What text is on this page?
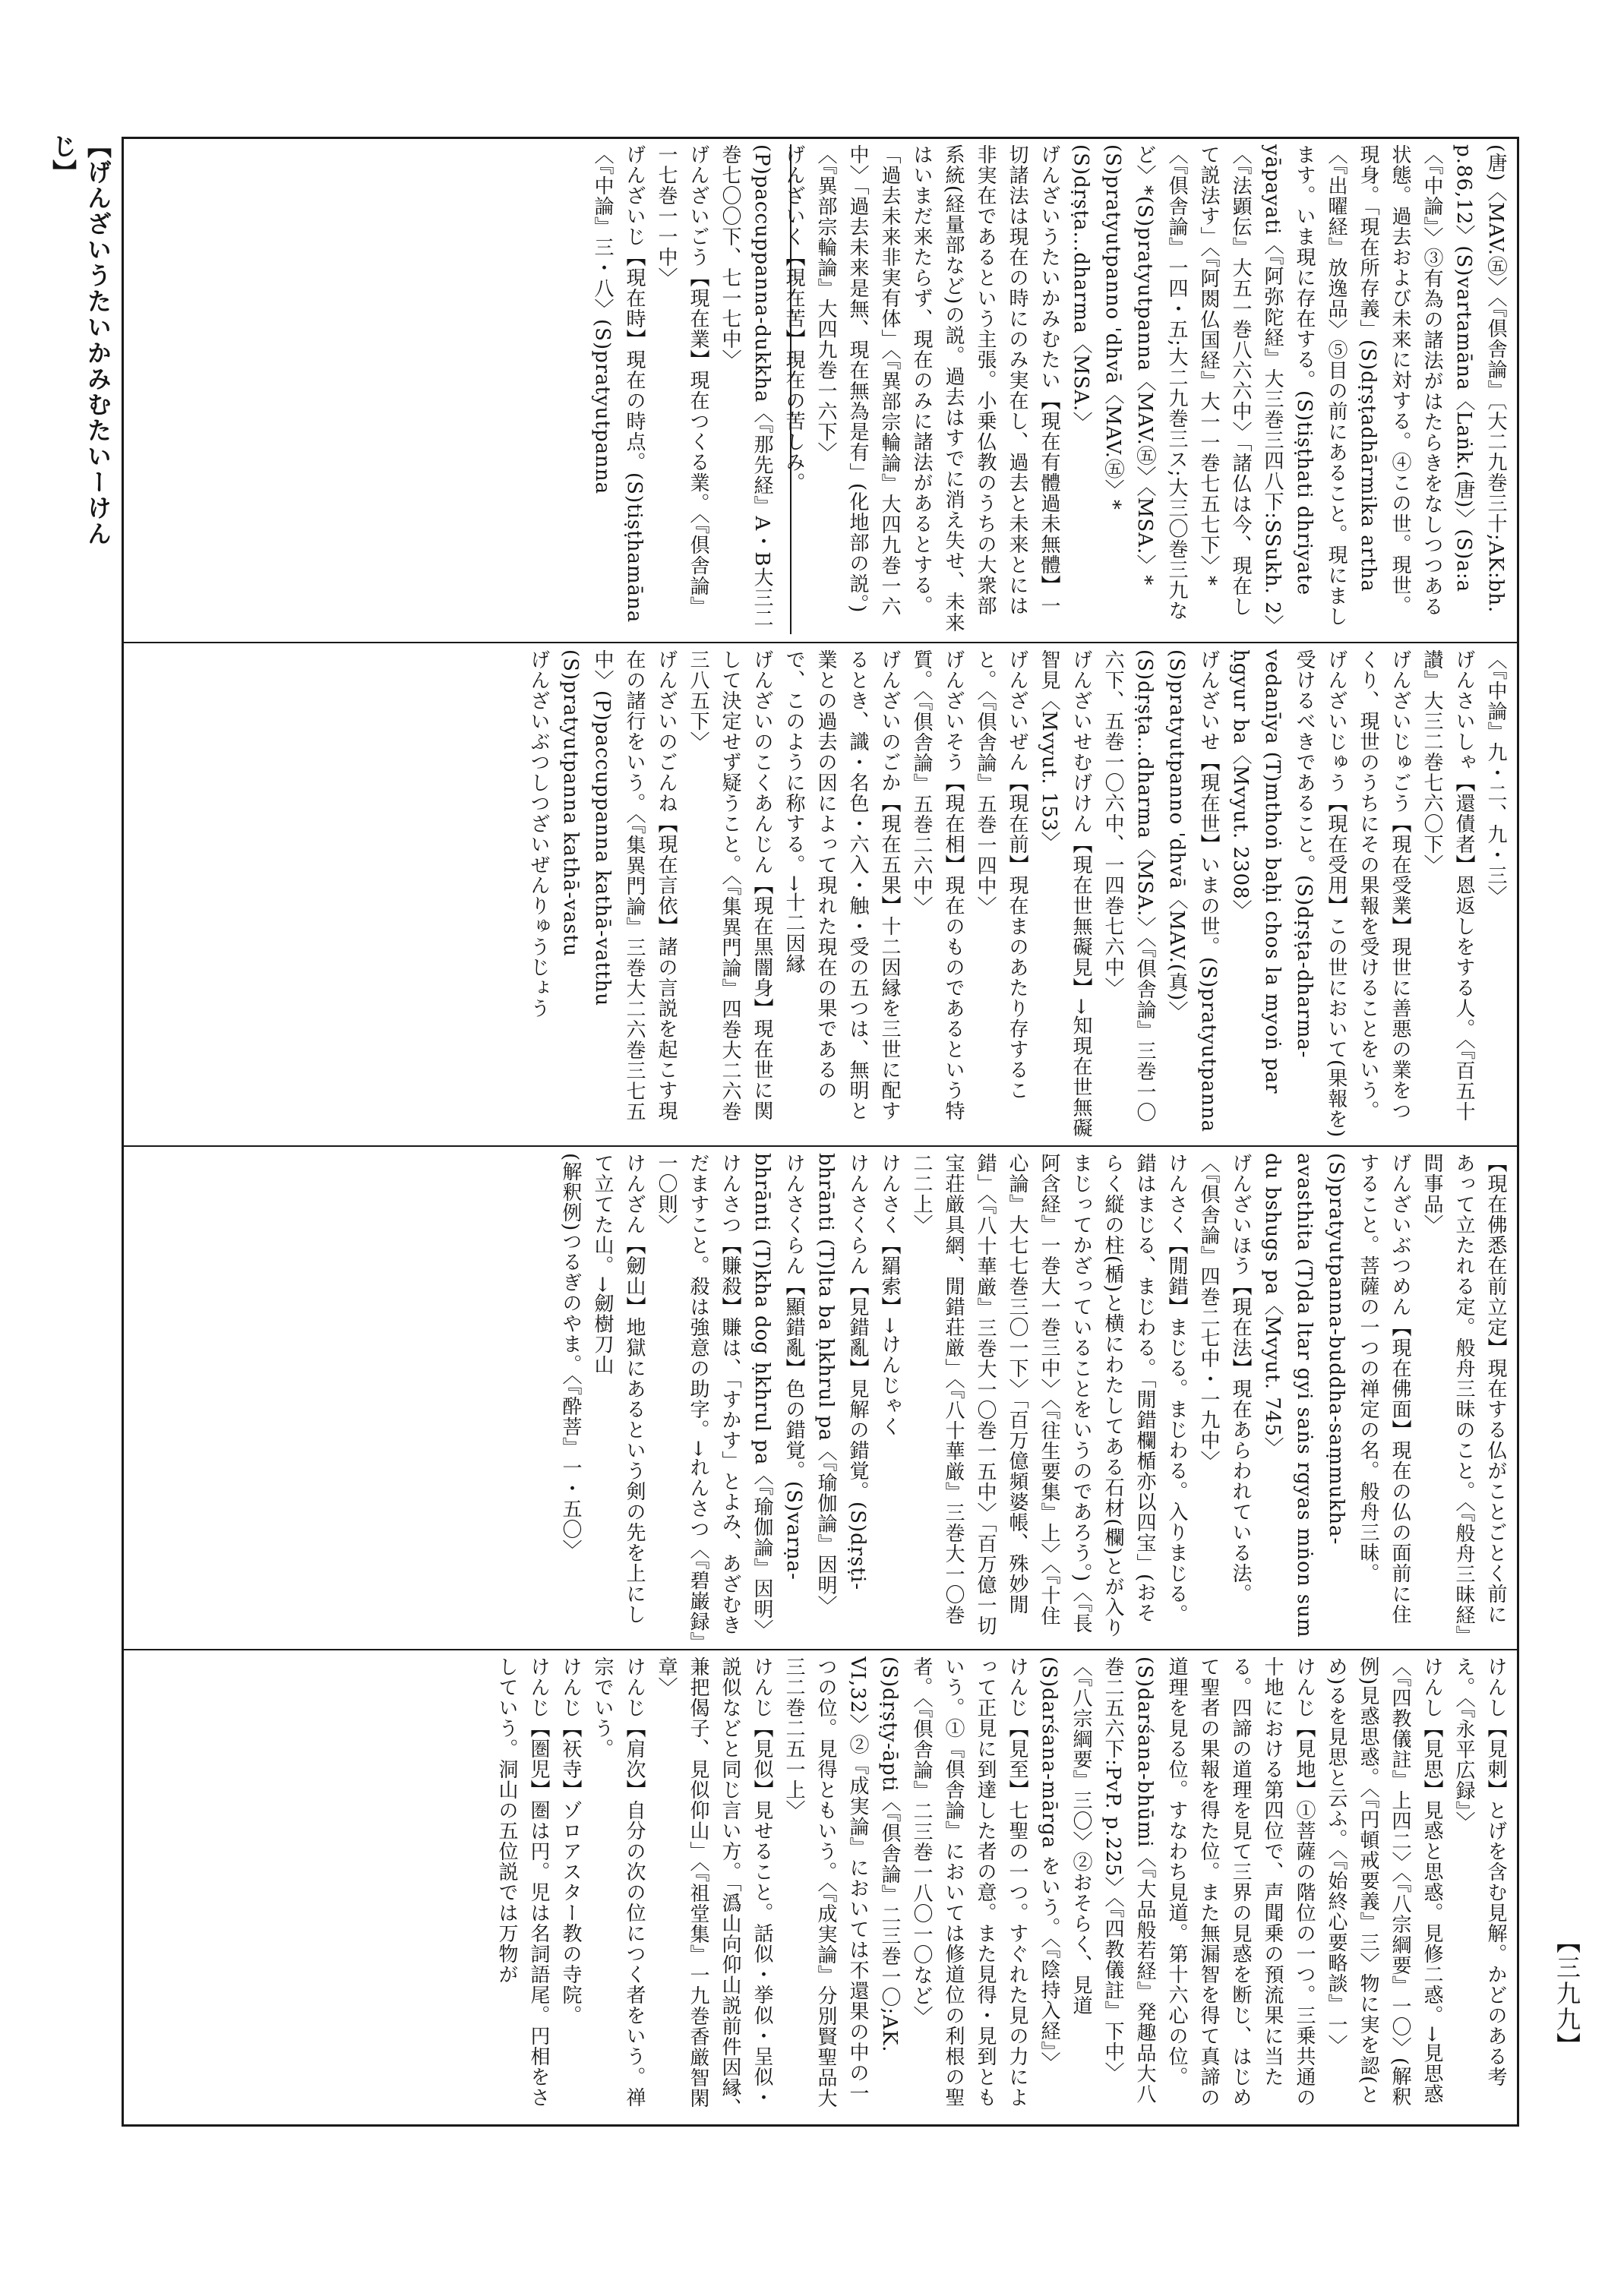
【げんざいうたいかみむたいーけんじ】	(唐)〈MAV.㊄〉〈『倶舎論』〔大二九巻三十;AK:bh. p.86,12〉(S)vartamāna〈Laṅk.(唐)〉(S)a:a〈『中論』〉③有為の諸法がはたらきをなしつつある状態。過去および未来に対する。④この世。現世。現身。「現在所存義」(S)dṛṣṭadhārmika artha〈『出曜経』放逸品〉⑤目の前にあること。現にまします。いま現に存在する。(S)tiṣṭhati dhriyate yāpayati〈『阿弥陀経』大三巻三四八下:SSukh. 2〉〈『法顕伝』大五一巻八六六中〉「諸仏は今、現在して説法す」〈『阿閦仏国経』大一一巻七五七下〉*〈『倶舎論』一四・五;大二九巻三ス;大三〇巻三九など〉*(S)pratyutpanna〈MAV.㊄〉〈MSA.〉*(S)pratyutpanno 'dhvā〈MAV.㊄〉*(S)dṛṣṭa...dharma〈MSA.〉げんざいうたいかみむたい【現在有體過未無體】一切諸法は現在の時にのみ実在し、過去と未来とには非実在であるという主張。小乗仏教のうちの大衆部系統(経量部など)の説。過去はすでに消え失せ、未来はいまだ来たらず、現在のみに諸法があるとする。「過去未来非実有体」〈『異部宗輪論』大四九巻一六中〉「過去未来是無、現在無為是有」(化地部の説。)〈『異部宗輪論』大四九巻一六下〉げんざいく【現在苦】現在の苦しみ。(P)paccuppanna-dukkha〈『那先経』A・B大三二巻七〇〇下、七一七中〉げんざいごう【現在業】現在つくる業。〈『倶舎論』一七巻一一中〉げんざいじ【現在時】現在の時点。(S)tiṣṭhamāna〈『中論』三・八〉(S)pratyutpanna
〈『中論』九・二、九・三〉げんさいしゃ【還債者】恩返しをする人。〈『百五十讃』大三二巻七六〇下〉げんざいじゅごう【現在受業】現世に善悪の業をつくり、現世のうちにその果報を受けることをいう。げんざいじゅう【現在受用】この世において(果報を)受けるべきであること。(S)dṛṣṭa-dharma-vedanīya (T)mthoṅ baḥi chos la myoṅ par ḥgyur ba〈Mvyut. 2308〉げんざいせ【現在世】いまの世。(S)pratyutpanna (S)pratyutpanno 'dhvā〈MAV.(真)〉(S)dṛṣṭa...dharma〈MSA.〉〈『倶舎論』三巻一〇六下、五巻一〇六中、一四巻七六中〉げんざいせむげけん【現在世無礙見】→知現在世無礙智見〈Mvyut. 153〉げんざいぜん【現在前】現在まのあたり存すること。〈『倶舎論』五巻一四中〉げんざいそう【現在相】現在のものであるという特質。〈『倶舎論』五巻二六中〉げんざいのごか【現在五果】十二因縁を三世に配するとき、識・名色・六入・触・受の五つは、無明と業との過去の因によって現れた現在の果であるので、このように称する。→十二因縁げんざいのこくあんじん【現在黒闇身】現在世に関して決定せず疑うこと。〈『集異門論』四巻大二六巻三八五下〉げんざいのごんね【現在言依】諸の言説を起こす現在の諸行をいう。〈『集異門論』三巻大二六巻三七五中〉(P)paccuppanna kathā-vatthu (S)pratyutpanna kathā-vastuげんざいぶつしつざいぜんりゅうじょう
【現在佛悉在前立定】現在する仏がことごとく前にあって立たれる定。般舟三昧のこと。〈『般舟三昧経』問事品〉げんざいぶつめん【現在佛面】現在の仏の面前に住すること。菩薩の一つの禅定の名。般舟三昧。(S)pratyutpanna-buddha-saṃmukha-avasthita (T)da ltar gyi saṅs rgyas mṅon sum du bshugs pa〈Mvyut. 745〉げんざいほう【現在法】現在あらわれている法。〈『倶舎論』四巻二七中・一九中〉けんさく【閒錯】まじる。まじわる。入りまじる。錯はまじる、まじわる。「閒錯欄楯亦以四宝」(おそらく縦の柱(楯)と横にわたしてある石材(欄)とが入りまじってかざっていることをいうのであろう。)〈『長阿含経』一巻大一巻三中〉〈『往生要集』上〉〈『十住心論』大七七巻三〇一下〉「百万億頻婆帳、殊妙閒錯」〈『八十華厳』三巻大一〇巻一五中〉「百万億一切宝荘厳具網、閒錯荘厳」〈『八十華厳』三巻大一〇巻二二上〉けんさく【羂索】→けんじゃくけんさくらん【見錯亂】見解の錯覚。(S)dṛṣṭi-bhrānti (T)lta ba ḥkhrul pa〈『瑜伽論』因明〉けんさくらん【顯錯亂】色の錯覚。(S)varṇa-bhrānti (T)kha dog ḥkhrul pa〈『瑜伽論』因明〉けんさつ【賺殺】賺は、「すかす」とよみ、あざむきだますこと。殺は強意の助字。→れんさつ〈『碧巌録』一〇則〉けんざん【劒山】地獄にあるという剣の先を上にして立てた山。→劒樹刀山(解釈例)つるぎのやま。〈『酔菩』一・五〇〉
けんし【見刺】とげを含む見解。かどのある考え。〈『永平広録』〉けんし【見思】見惑と思惑。見修二惑。→見思惑〈『四教儀註』上四二〉〈『八宗綱要』一〇〉(解釈例)見惑思惑。〈『円頓戒要義』三〉物に実を認(とめ)るを見思と云ふ。〈『始終心要略談』一〉けんじ【見地】①菩薩の階位の一つ。三乗共通の十地における第四位で、声聞乗の預流果に当たる。四諦の道理を見て三界の見惑を断じ、はじめて聖者の果報を得た位。また無漏智を得て真諦の道理を見る位。すなわち見道。第十六心の位。(S)darśana-bhūmi〈『大品般若経』発趣品大八巻二五六下:PvP. p.225〉〈『四教儀註』下中〉〈『八宗綱要』三〇〉②おそらく、見道(S)darśana-mārga をいう。〈『陰持入経』〉けんじ【見至】七聖の一つ。すぐれた見の力によって正見に到達した者の意。また見得・見到ともいう。①『倶舎論』においては修道位の利根の聖者。〈『倶舎論』二三巻一八〇一〇など〉(S)dṛṣṭy-āpti〈『倶舎論』二三巻一〇;AK. VI,32〉②『成実論』においては不還果の中の一つの位。見得ともいう。〈『成実論』分別賢聖品大三二巻二五一上〉けんじ【見似】見せること。話似・挙似・呈似・説似などと同じ言い方。「潙山向仰山説前件因縁、兼把偈子、見似仰山」〈『祖堂集』一九巻香厳智閑章〉けんじ【肩次】自分の次の位につく者をいう。禅宗でいう。けんじ【祆寺】ゾロアスター教の寺院。けんじ【圏児】圏は円。児は名詞語尾。円相をさしていう。洞山の五位説では万物が
【三九九】
